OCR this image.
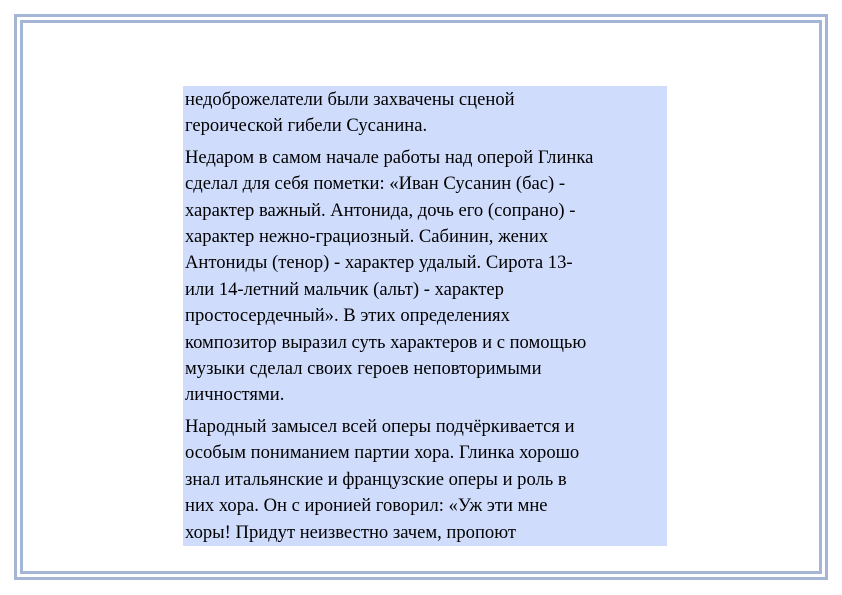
недоброжелатели были захвачены сценой
героической гибели Сусанина.

Недаром в самом начале работы над оперой Глинка
сделал для себя пометки: «Иван Сусанин (бас) -
характер важный. Антонида, дочь его (сопрано) -
характер нежно-грациозный. Сабинин, жених
Антониды (тенор) - характер удалый. Сирота 13-
или 14-летний мальчик (альт) - характер
простосердечный». В этих определениях
композитор выразил суть характеров и с помощью
музыки сделал своих героев неповторимыми
личностями.

Народный замысел всей оперы подчёркивается и
особым пониманием партии хора. Глинка хорошо
знал итальянские и французские оперы и роль в
них хора. Он с иронией говорил: «Уж эти мне
хоры! Придут неизвестно зачем, пропоют
